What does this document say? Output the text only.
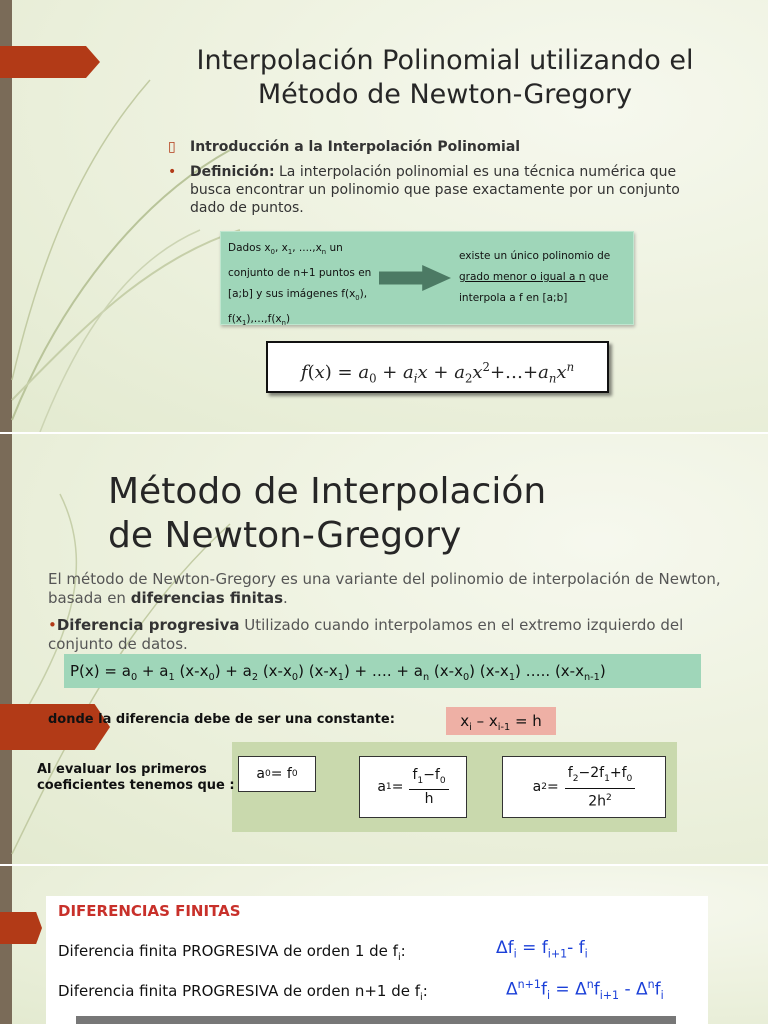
Interpolación Polinomial utilizando el Método de Newton-Gregory
▯ Introducción a la Interpolación Polinomial
• Definición: La interpolación polinomial es una técnica numérica que busca encontrar un polinomio que pase exactamente por un conjunto dado de puntos.
Dados $x_0$, $x_1$, $....,x_n$ un conjunto de n+1 puntos en [a;b] y sus imágenes $f(x_0)$, $f(x_1),\dots,f(x_n)$
existe un único polinomio de grado menor o igual a n que interpola a f en [a;b]
$f(x) = a_0 + a_ix$ + $a_2x^2+\dots+a_nx^n$
Método de Interpolación
de Newton-Gregory
El método de Newton-Gregory es una variante del polinomio de interpolación de Newton, basada en diferencias finitas.
•Diferencia progresiva Utilizado cuando interpolamos en el extremo izquierdo del conjunto de datos.
$P(x) = a_0 + a_1$ $(x-x_0) + a_2$ $(x-x_0) (x-x_1)$ + …. + $a_n$ $(x-x_0)$ $(x-x_1)$ ….. $(x-x_{n-1})$
donde la diferencia debe de ser una constante:	$x_i - x_{i-1} = h$
a 0 = f 0
a $1 = \frac{f_1-f_0}{h}$	a $2 = \frac{f_2-2f_1+f_0}{2h^2}$
Al evaluar los primeros coeficientes tenemos que :
DIFERENCIAS FINITAS
Diferencia finita PROGRESIVA de orden 1 de $f_i$:	$\Delta f_i = f_{i+1}-$ $f_i$
Diferencia finita PROGRESIVA de orden n+1 de $f_i$:	$\Delta^{n+1}f_i = \Delta^nf_{i+1} - \Delta^nf_i$
